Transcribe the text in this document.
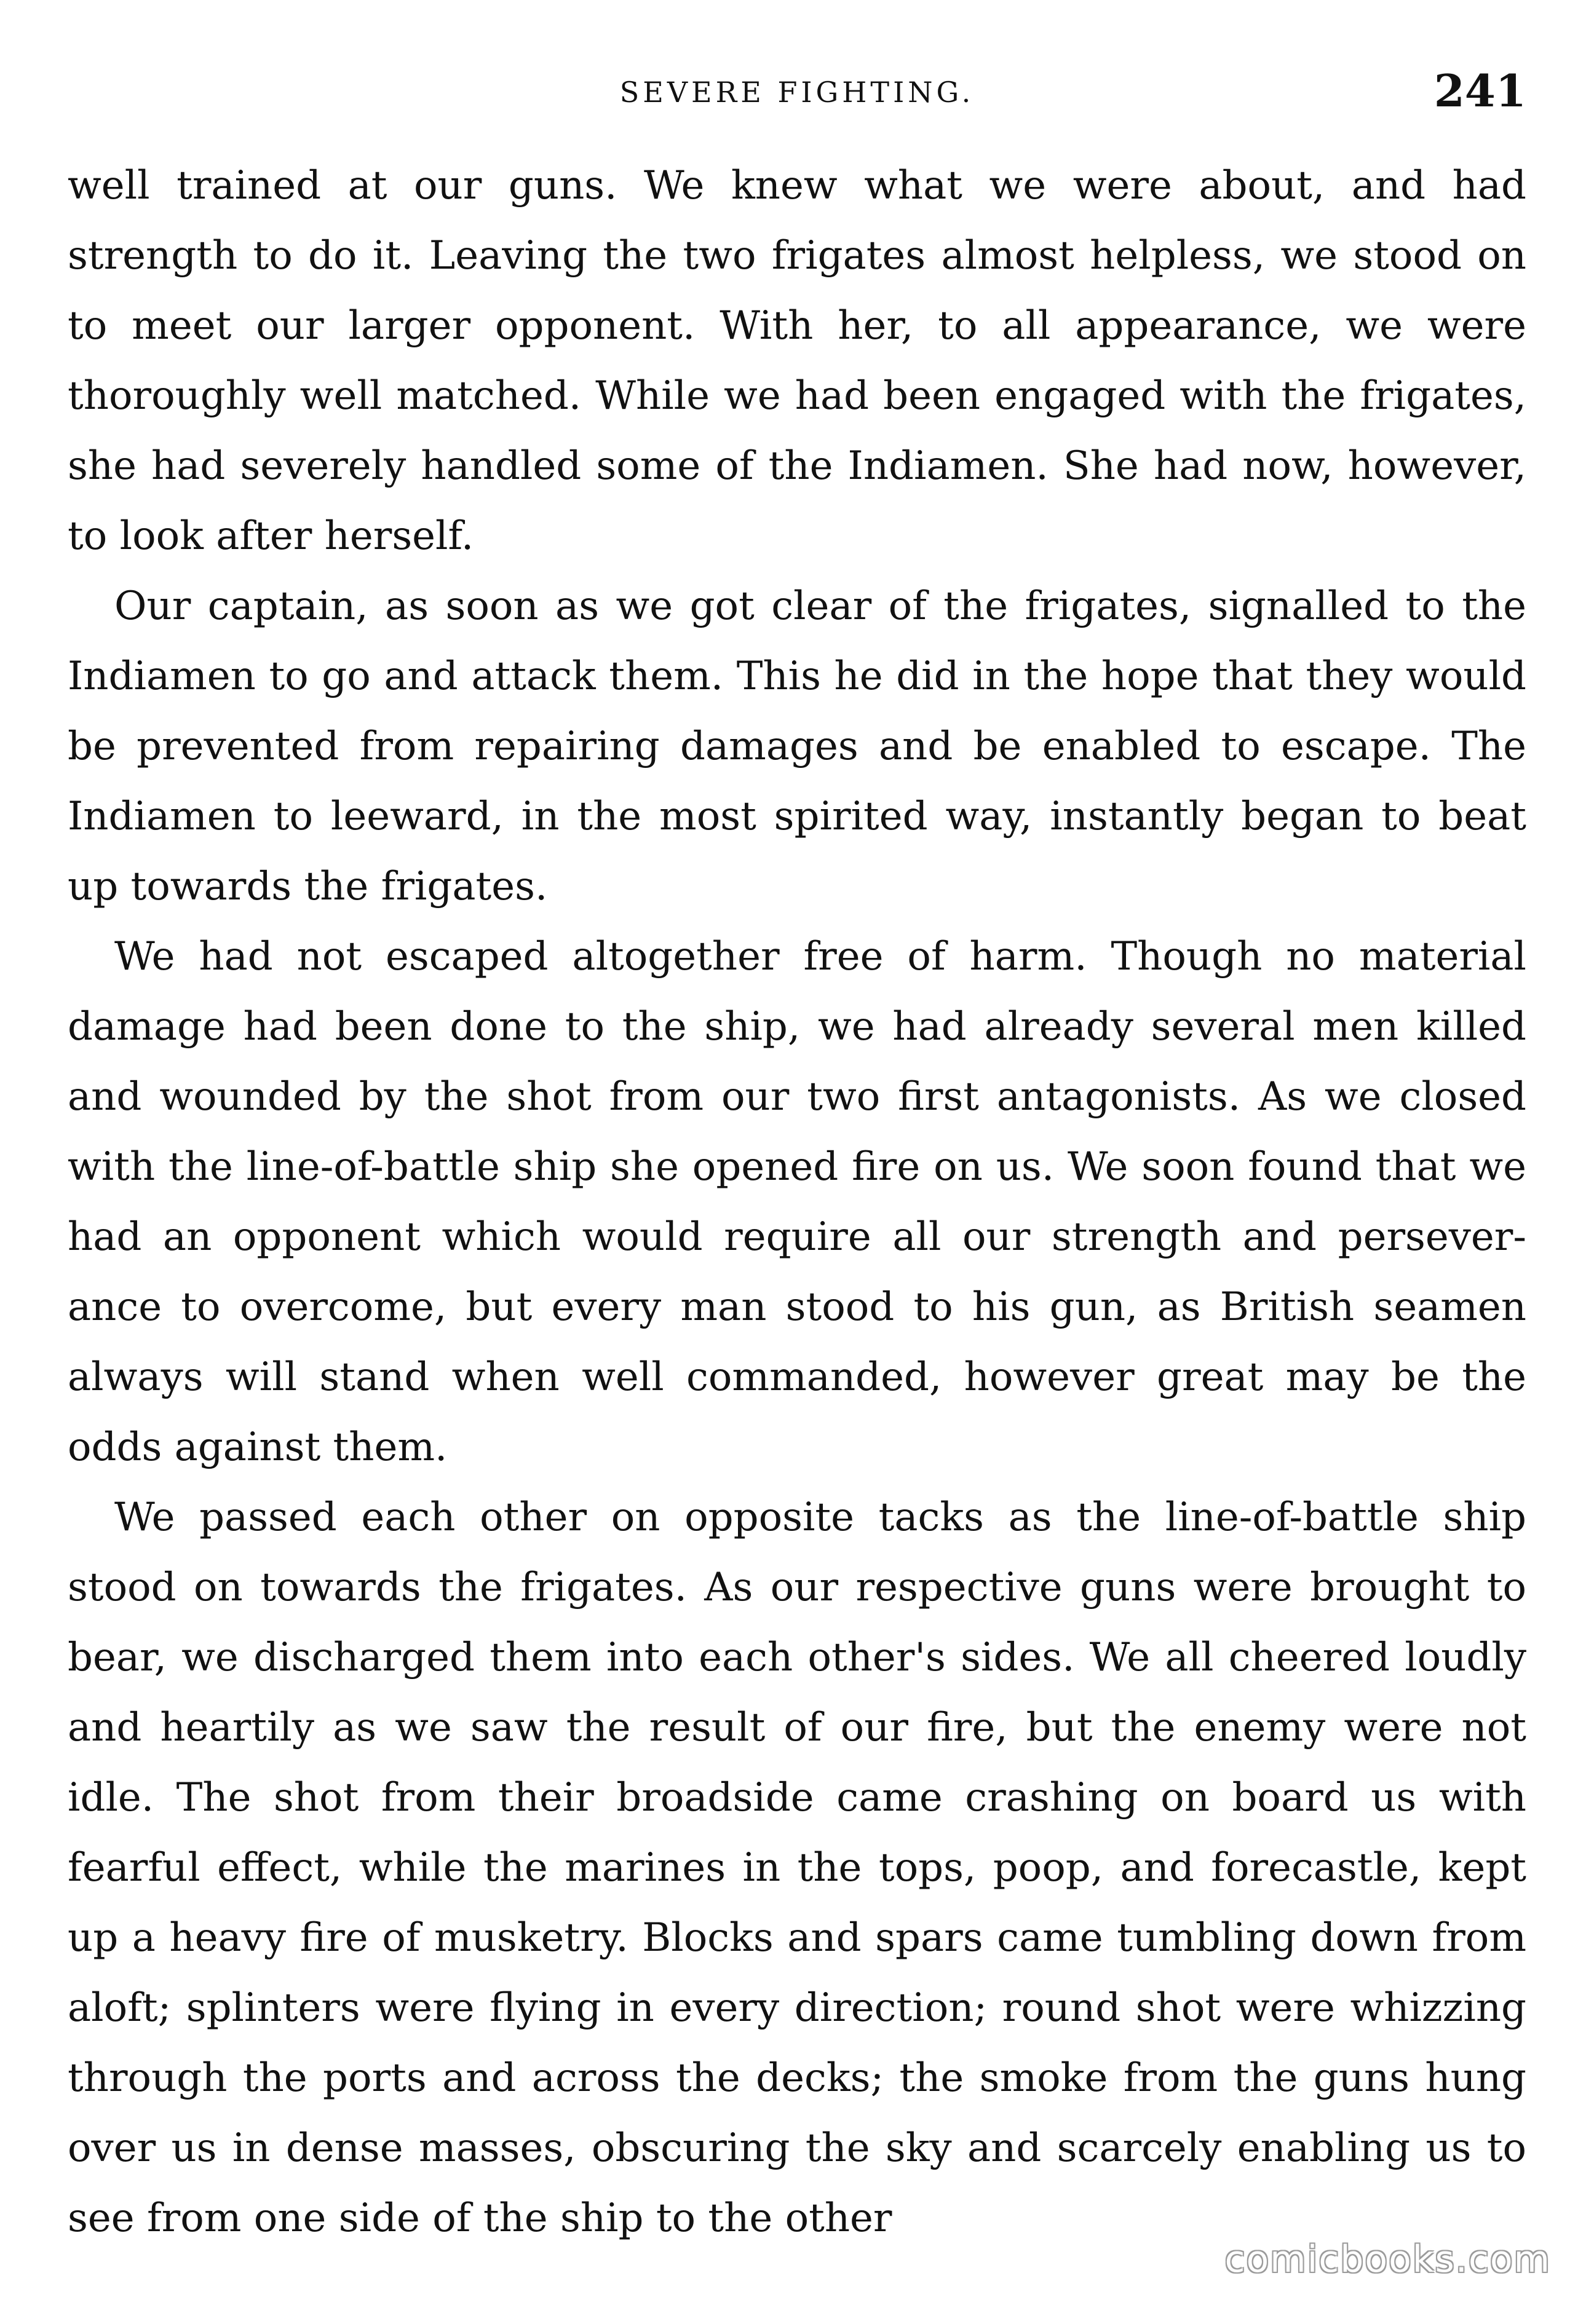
SEVERE FIGHTING.	241

well trained at our guns. We knew what we were about, and had strength to do it. Leaving the two frigates almost helpless, we stood on to meet our larger opponent. With her, to all appearance, we were thoroughly well matched. While we had been engaged with the frigates, she had severely handled some of the Indiamen. She had now, however, to look after herself.

Our captain, as soon as we got clear of the frigates, signalled to the Indiamen to go and attack them. This he did in the hope that they would be prevented from repairing damages and be enabled to escape. The Indiamen to leeward, in the most spirited way, instantly began to beat up towards the frigates.

We had not escaped altogether free of harm. Though no material damage had been done to the ship, we had already several men killed and wounded by the shot from our two first antagonists. As we closed with the line-of-battle ship she opened fire on us. We soon found that we had an opponent which would require all our strength and persever- ance to overcome, but every man stood to his gun, as British seamen always will stand when well commanded, however great may be the odds against them.

We passed each other on opposite tacks as the line-of-battle ship stood on towards the frigates. As our respective guns were brought to bear, we discharged them into each other's sides. We all cheered loudly and heartily as we saw the result of our fire, but the enemy were not idle. The shot from their broadside came crashing on board us with fearful effect, while the marines in the tops, poop, and forecastle, kept up a heavy fire of musketry. Blocks and spars came tumbling down from aloft; splinters were flying in every direction; round shot were whizzing through the ports and across the decks; the smoke from the guns hung over us in dense masses, obscuring the sky and scarcely enabling us to see from one side of the ship to the other

comicbooks.com
